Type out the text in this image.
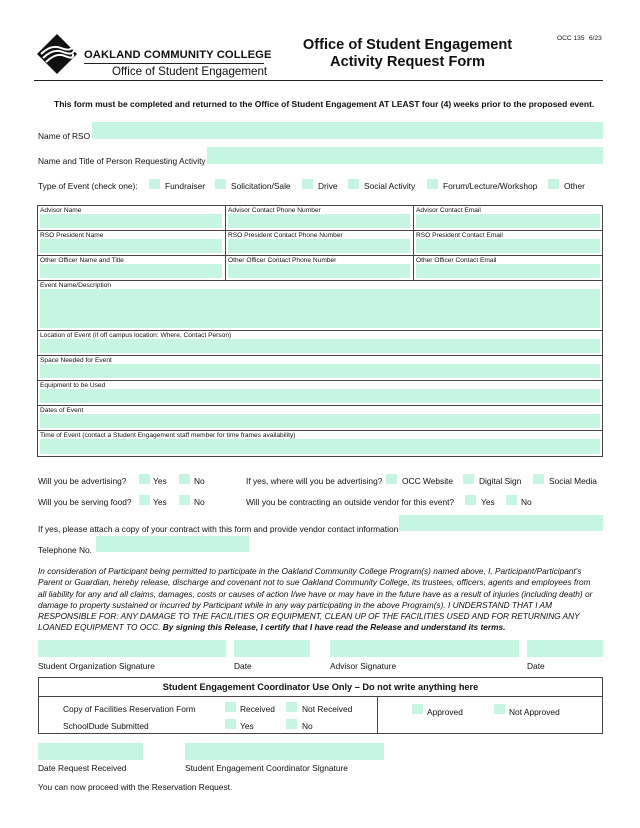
OAKLAND COMMUNITY COLLEGE
Office of Student Engagement
Office of Student Engagement
Activity Request Form
OCC 135 6/23
This form must be completed and returned to the Office of Student Engagement AT LEAST four (4) weeks prior to the proposed event.
Name of RSO
Name and Title of Person Requesting Activity
Type of Event (check one):	Fundraiser	Solicitation/Sale	Drive	Social Activity	Forum/Lecture/Workshop	Other
Advisor Name	Advisor Contact Phone Number	Advisor Contact Email
RSO President Name	RSO President Contact Phone Number	RSO President Contact Email
Other Officer Name and Title	Other Officer Contact Phone Number	Other Officer Contact Email
Event Name/Description
Location of Event (if off campus location: Where, Contact Person)
Space Needed for Event
Equipment to be Used
Dates of Event
Time of Event (contact a Student Engagement staff member for time frames availability)
Will you be advertising?	Yes	No	If yes, where will you be advertising? OCC Website	Digital Sign	Social Media
Will you be serving food?	Yes	No	Will you be contracting an outside vendor for this event?	Yes	No
If yes, please attach a copy of your contract with this form and provide vendor contact information
Telephone No.
In consideration of Participant being permitted to participate in the Oakland Community College Program(s) named above, I, Participant/Participant's Parent or Guardian, hereby release, discharge and covenant not to sue Oakland Community College, its trustees, officers, agents and employees from all liability for any and all claims, damages, costs or causes of action I/we have or may have in the future have as a result of injuries (including death) or damage to property sustained or incurred by Participant while in any way participating in the above Program(s). I UNDERSTAND THAT I AM RESPONSIBLE FOR: ANY DAMAGE TO THE FACILITIES OR EQUIPMENT, CLEAN UP OF THE FACILITIES USED AND FOR RETURNING ANY LOANED EQUIPMENT TO OCC. By signing this Release, I certify that I have read the Release and understand its terms.
Student Organization Signature	Date	Advisor Signature	Date
Student Engagement Coordinator Use Only – Do not write anything here
Copy of Facilities Reservation Form	Received	Not Received
SchoolDude Submitted	Yes	No
Approved	Not Approved
Date Request Received	Student Engagement Coordinator Signature
You can now proceed with the Reservation Request.
